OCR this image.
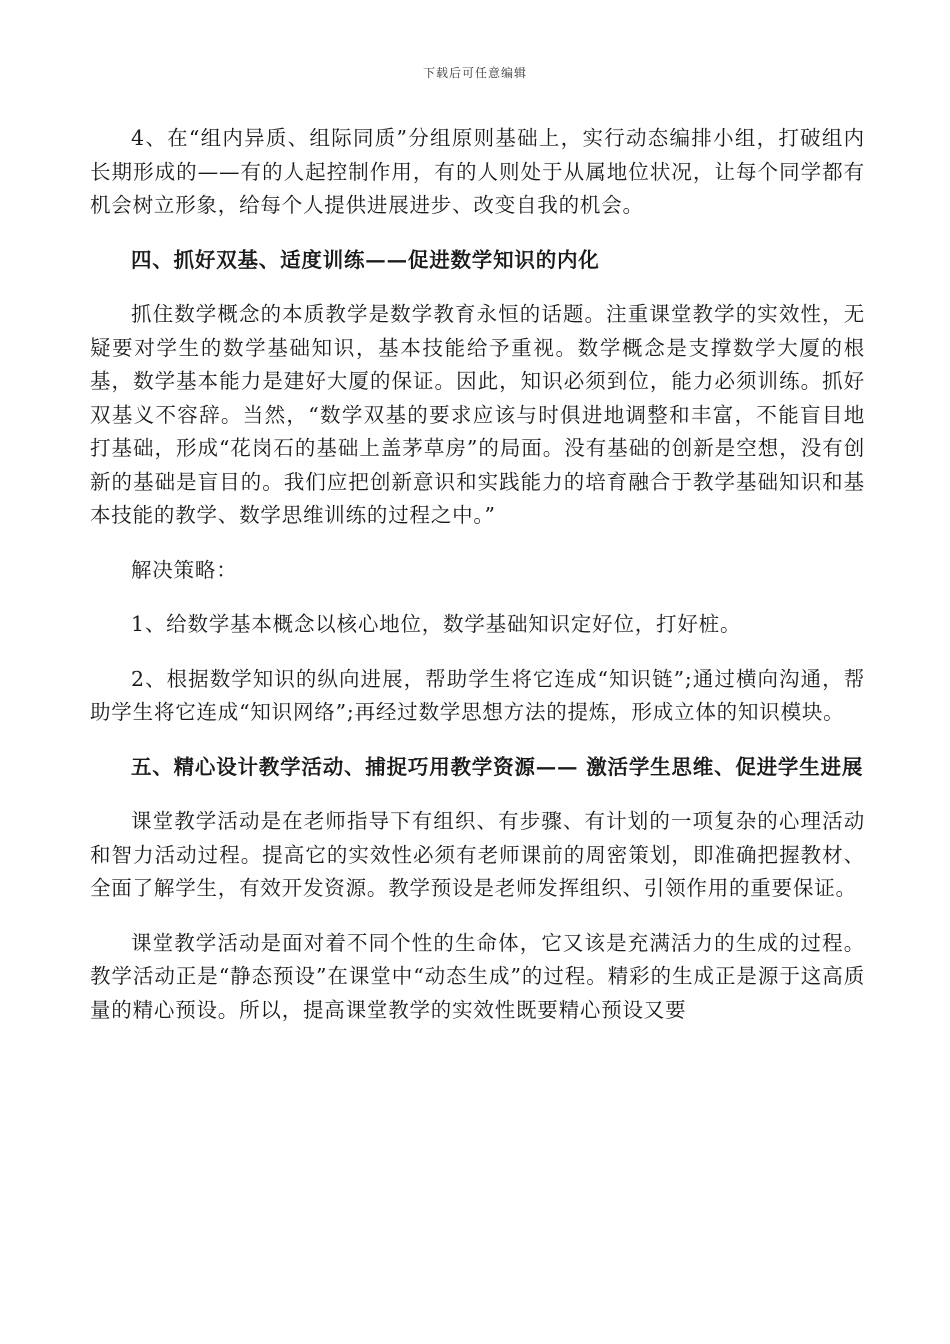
下载后可任意编辑

4、在“组内异质、组际同质”分组原则基础上，实行动态编排小组，打破组内长期形成的——有的人起控制作用，有的人则处于从属地位状况，让每个同学都有机会树立形象，给每个人提供进展进步、改变自我的机会。

四、抓好双基、适度训练——促进数学知识的内化

抓住数学概念的本质教学是数学教育永恒的话题。注重课堂教学的实效性，无疑要对学生的数学基础知识，基本技能给予重视。数学概念是支撑数学大厦的根基，数学基本能力是建好大厦的保证。因此，知识必须到位，能力必须训练。抓好双基义不容辞。当然，“数学双基的要求应该与时俱进地调整和丰富，不能盲目地打基础，形成“花岗石的基础上盖茅草房”的局面。没有基础的创新是空想，没有创新的基础是盲目的。我们应把创新意识和实践能力的培育融合于教学基础知识和基本技能的教学、数学思维训练的过程之中。”

解决策略：

1、给数学基本概念以核心地位，数学基础知识定好位，打好桩。

2、根据数学知识的纵向进展，帮助学生将它连成“知识链”;通过横向沟通，帮助学生将它连成“知识网络”;再经过数学思想方法的提炼，形成立体的知识模块。

五、精心设计教学活动、捕捉巧用教学资源—— 激活学生思维、促进学生进展

课堂教学活动是在老师指导下有组织、有步骤、有计划的一项复杂的心理活动和智力活动过程。提高它的实效性必须有老师课前的周密策划，即准确把握教材、全面了解学生，有效开发资源。教学预设是老师发挥组织、引领作用的重要保证。

课堂教学活动是面对着不同个性的生命体，它又该是充满活力的生成的过程。教学活动正是“静态预设”在课堂中“动态生成”的过程。精彩的生成正是源于这高质量的精心预设。所以，提高课堂教学的实效性既要精心预设又要
